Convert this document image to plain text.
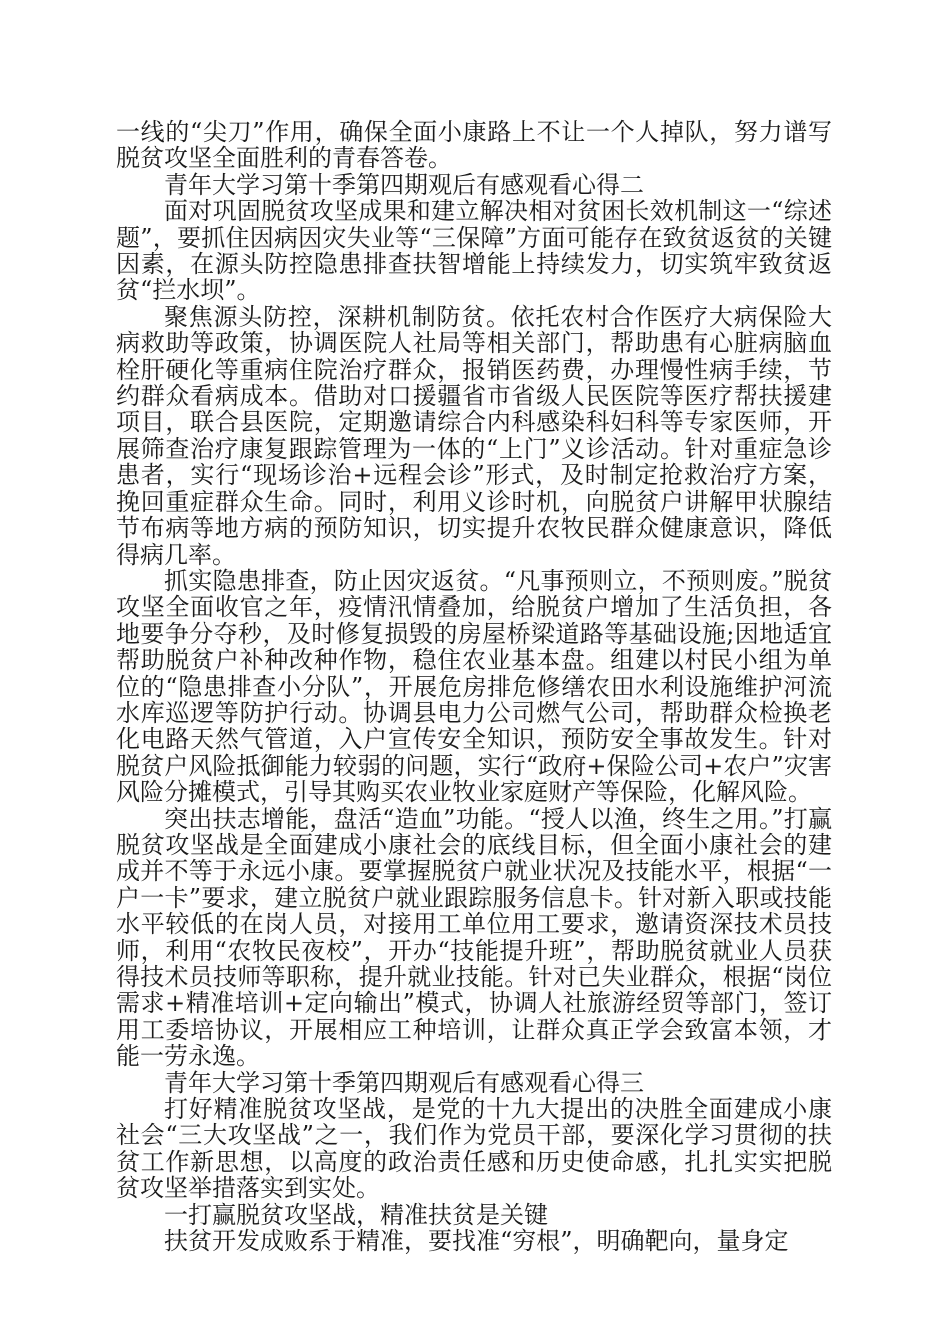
一线的“尖刀”作用，确保全面小康路上不让一个人掉队，努力谱写脱贫攻坚全面胜利的青春答卷。

青年大学习第十季第四期观后有感观看心得二

面对巩固脱贫攻坚成果和建立解决相对贫困长效机制这一“综述题”，要抓住因病因灾失业等“三保障”方面可能存在致贫返贫的关键因素，在源头防控隐患排查扶智增能上持续发力，切实筑牢致贫返贫“拦水坝”。

聚焦源头防控，深耕机制防贫。依托农村合作医疗大病保险大病救助等政策，协调医院人社局等相关部门，帮助患有心脏病脑血栓肝硬化等重病住院治疗群众，报销医药费，办理慢性病手续，节约群众看病成本。借助对口援疆省市省级人民医院等医疗帮扶援建项目，联合县医院，定期邀请综合内科感染科妇科等专家医师，开展筛查治疗康复跟踪管理为一体的“上门”义诊活动。针对重症急诊患者，实行“现场诊治+远程会诊”形式，及时制定抢救治疗方案，挽回重症群众生命。同时，利用义诊时机，向脱贫户讲解甲状腺结节布病等地方病的预防知识，切实提升农牧民群众健康意识，降低得病几率。

抓实隐患排查，防止因灾返贫。“凡事预则立，不预则废。”脱贫攻坚全面收官之年，疫情汛情叠加，给脱贫户增加了生活负担，各地要争分夺秒，及时修复损毁的房屋桥梁道路等基础设施;因地适宜帮助脱贫户补种改种作物，稳住农业基本盘。组建以村民小组为单位的“隐患排查小分队”，开展危房排危修缮农田水利设施维护河流水库巡逻等防护行动。协调县电力公司燃气公司，帮助群众检换老化电路天然气管道，入户宣传安全知识，预防安全事故发生。针对脱贫户风险抵御能力较弱的问题，实行“政府+保险公司+农户”灾害风险分摊模式，引导其购买农业牧业家庭财产等保险，化解风险。

突出扶志增能，盘活“造血”功能。“授人以渔，终生之用。”打赢脱贫攻坚战是全面建成小康社会的底线目标，但全面小康社会的建成并不等于永远小康。要掌握脱贫户就业状况及技能水平，根据“一户一卡”要求，建立脱贫户就业跟踪服务信息卡。针对新入职或技能水平较低的在岗人员，对接用工单位用工要求，邀请资深技术员技师，利用“农牧民夜校”，开办“技能提升班”，帮助脱贫就业人员获得技术员技师等职称，提升就业技能。针对已失业群众，根据“岗位需求+精准培训+定向输出”模式，协调人社旅游经贸等部门，签订用工委培协议，开展相应工种培训，让群众真正学会致富本领，才能一劳永逸。

青年大学习第十季第四期观后有感观看心得三

打好精准脱贫攻坚战，是党的十九大提出的决胜全面建成小康社会“三大攻坚战”之一，我们作为党员干部，要深化学习贯彻的扶贫工作新思想，以高度的政治责任感和历史使命感，扎扎实实把脱贫攻坚举措落实到实处。

一打赢脱贫攻坚战，精准扶贫是关键

扶贫开发成败系于精准，要找准“穷根”，明确靶向，量身定
